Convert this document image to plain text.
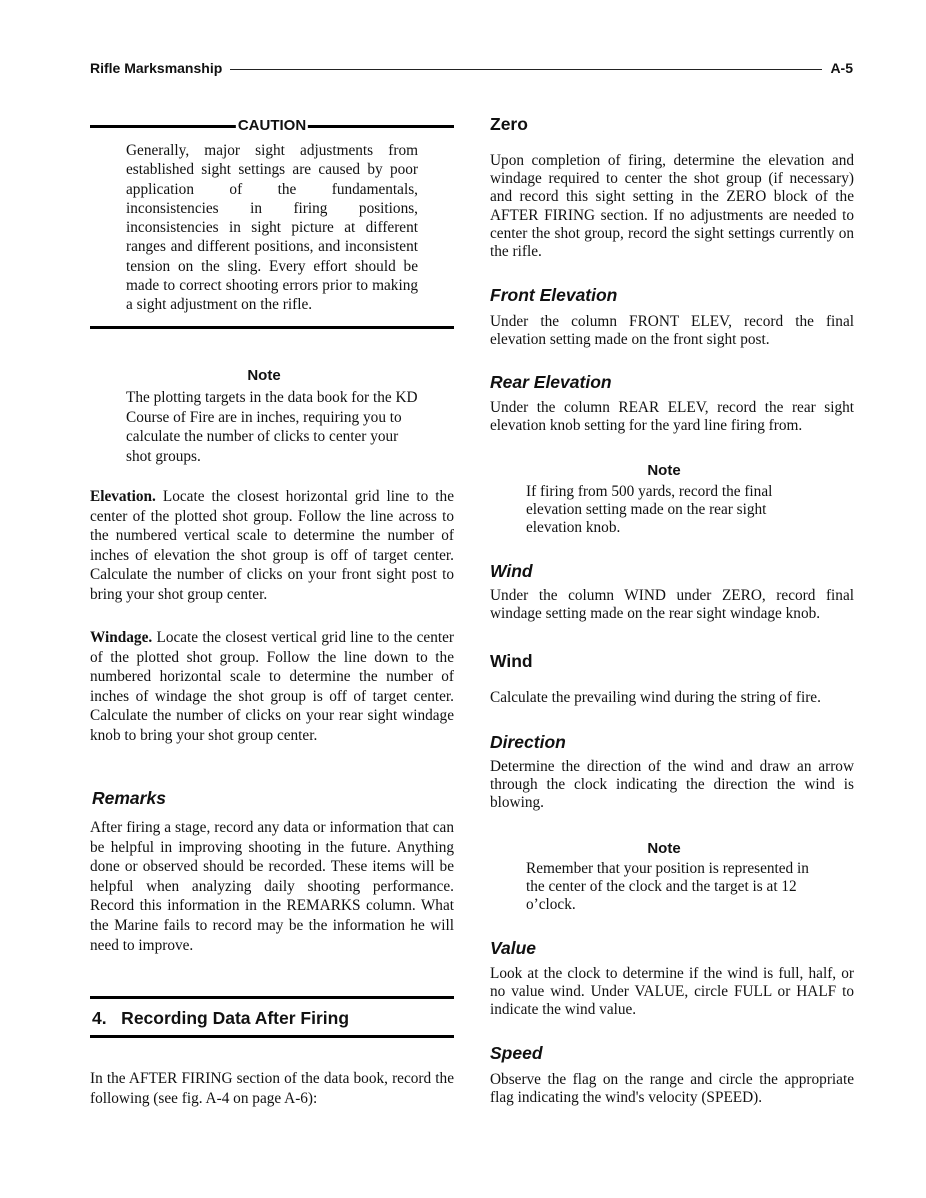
Rifle Marksmanship	A-5
CAUTION

Generally, major sight adjustments from established sight settings are caused by poor application of the fundamentals, inconsistencies in firing positions, inconsistencies in sight picture at different ranges and different positions, and inconsistent tension on the sling. Every effort should be made to correct shooting errors prior to making a sight adjustment on the rifle.

Note

The plotting targets in the data book for the KD Course of Fire are in inches, requiring you to calculate the number of clicks to center your shot groups.

Elevation. Locate the closest horizontal grid line to the center of the plotted shot group. Follow the line across to the numbered vertical scale to determine the number of inches of elevation the shot group is off of target center. Calculate the number of clicks on your front sight post to bring your shot group center.

Windage. Locate the closest vertical grid line to the center of the plotted shot group. Follow the line down to the numbered horizontal scale to determine the number of inches of windage the shot group is off of target center. Calculate the number of clicks on your rear sight windage knob to bring your shot group center.

Remarks

After firing a stage, record any data or information that can be helpful in improving shooting in the future. Anything done or observed should be recorded. These items will be helpful when analyzing daily shooting performance. Record this information in the REMARKS column. What the Marine fails to record may be the information he will need to improve.

4.   Recording Data After Firing

In the AFTER FIRING section of the data book, record the following (see fig. A-4 on page A-6):

Zero

Upon completion of firing, determine the elevation and windage required to center the shot group (if necessary) and record this sight setting in the ZERO block of the AFTER FIRING section. If no adjustments are needed to center the shot group, record the sight settings currently on the rifle.

Front Elevation

Under the column FRONT ELEV, record the final elevation setting made on the front sight post.

Rear Elevation

Under the column REAR ELEV, record the rear sight elevation knob setting for the yard line firing from.

Note

If firing from 500 yards, record the final elevation setting made on the rear sight elevation knob.

Wind

Under the column WIND under ZERO, record final windage setting made on the rear sight windage knob.

Wind

Calculate the prevailing wind during the string of fire.

Direction

Determine the direction of the wind and draw an arrow through the clock indicating the direction the wind is blowing.

Note

Remember that your position is represented in the center of the clock and the target is at 12 o’clock.

Value

Look at the clock to determine if the wind is full, half, or no value wind. Under VALUE, circle FULL or HALF to indicate the wind value.

Speed

Observe the flag on the range and circle the appropriate flag indicating the wind's velocity (SPEED).
